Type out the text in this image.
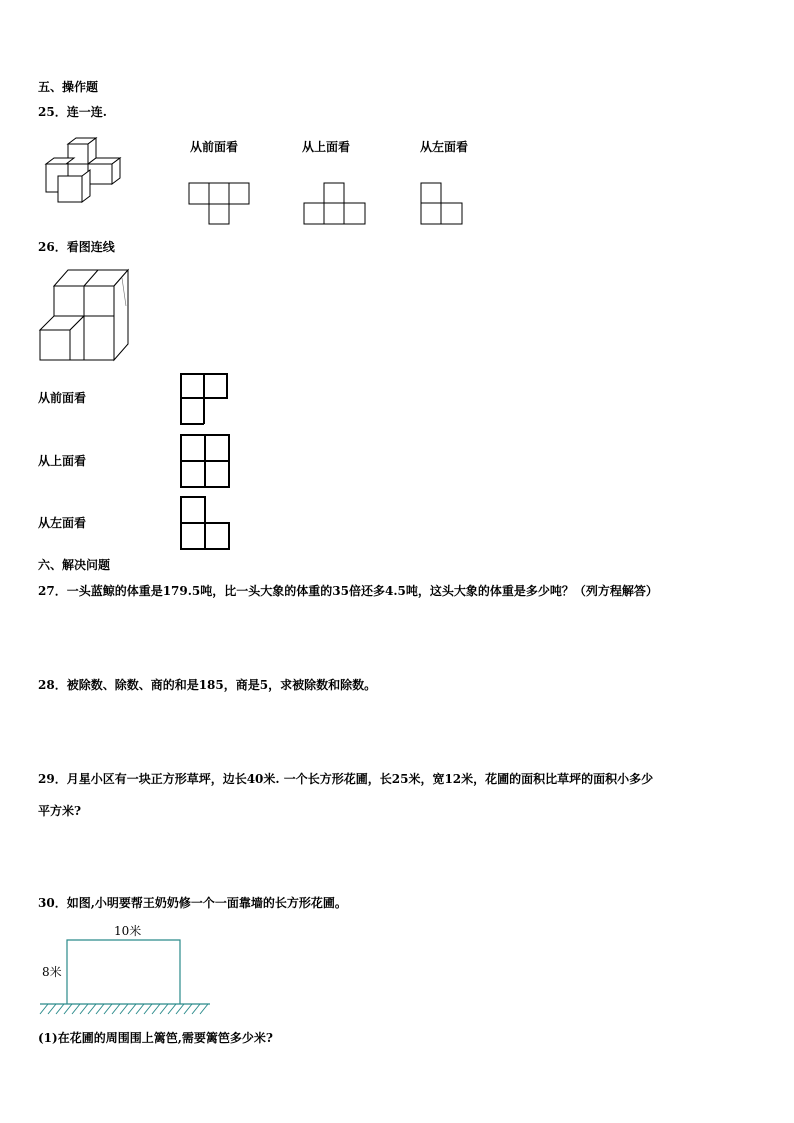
五、操作题
25．连一连.
从前面看	从上面看	从左面看
26．看图连线
从前面看
从上面看
从左面看
六、解决问题
27．一头蓝鲸的体重是179.5吨，比一头大象的体重的35倍还多4.5吨，这头大象的体重是多少吨？（列方程解答）
28．被除数、除数、商的和是185，商是5，求被除数和除数。
29．月星小区有一块正方形草坪，边长40米. 一个长方形花圃，长25米，宽12米，花圃的面积比草坪的面积小多少
平方米?
30．如图,小明要帮王奶奶修一个一面靠墙的长方形花圃。
10米
8米
(1)在花圃的周围围上篱笆,需要篱笆多少米?
